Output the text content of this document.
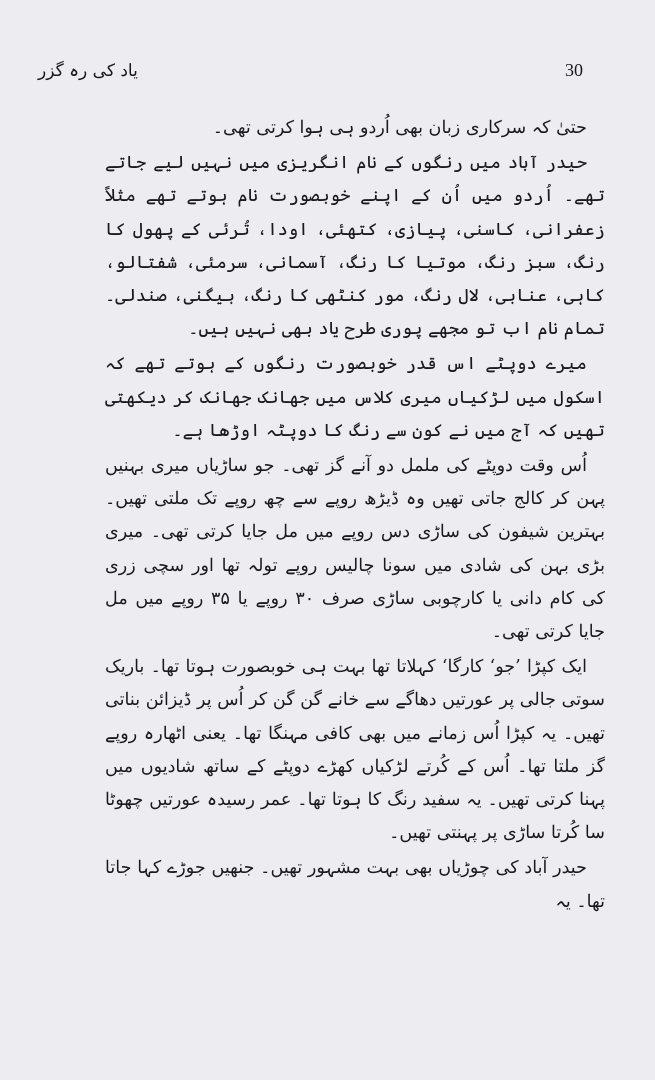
یاد کی رہ گزر	30

حتیٰ کہ سرکاری زبان بھی اُردو ہی ہوا کرتی تھی۔

حیدر آباد میں رنگوں کے نام انگریزی میں نہیں لیے جاتے تھے۔ اُردو میں اُن کے اپنے خوبصورت نام ہوتے تھے مثلاً زعفرانی، کاسنی، پیازی، کتھئی، اودا، تُرئی کے پھول کا رنگ، سبز رنگ، موتیا کا رنگ، آسمانی، سرمئی، شفتالو، کاہی، عنابی، لال رنگ، مور کنٹھی کا رنگ، بیگنی، صندلی۔ تمام نام اب تو مجھے پوری طرح یاد بھی نہیں ہیں۔

میرے دوپٹے اس قدر خوبصورت رنگوں کے ہوتے تھے کہ اسکول میں لڑکیاں میری کلاس میں جھانک جھانک کر دیکھتی تھیں کہ آج میں نے کون سے رنگ کا دوپٹہ اوڑھا ہے۔

اُس وقت دوپٹے کی ململ دو آنے گز تھی۔ جو ساڑیاں میری بہنیں پہن کر کالج جاتی تھیں وہ ڈیڑھ روپے سے چھ روپے تک ملتی تھیں۔ بہترین شیفون کی ساڑی دس روپے میں مل جایا کرتی تھی۔ میری بڑی بہن کی شادی میں سونا چالیس روپے تولہ تھا اور سچی زری کی کام دانی یا کارچوبی ساڑی صرف ۳۰ روپے یا ۳۵ روپے میں مل جایا کرتی تھی۔

ایک کپڑا ’جو‘ کارگا‘ کہلاتا تھا بہت ہی خوبصورت ہوتا تھا۔ باریک سوتی جالی پر عورتیں دھاگے سے خانے گن گن کر اُس پر ڈیزائن بناتی تھیں۔ یہ کپڑا اُس زمانے میں بھی کافی مہنگا تھا۔ یعنی اٹھارہ روپے گز ملتا تھا۔ اُس کے کُرتے لڑکیاں کھڑے دوپٹے کے ساتھ شادیوں میں پہنا کرتی تھیں۔ یہ سفید رنگ کا ہوتا تھا۔ عمر رسیدہ عورتیں چھوٹا سا کُرتا ساڑی پر پہنتی تھیں۔

حیدر آباد کی چوڑیاں بھی بہت مشہور تھیں۔ جنھیں جوڑے کہا جاتا تھا۔ یہ
